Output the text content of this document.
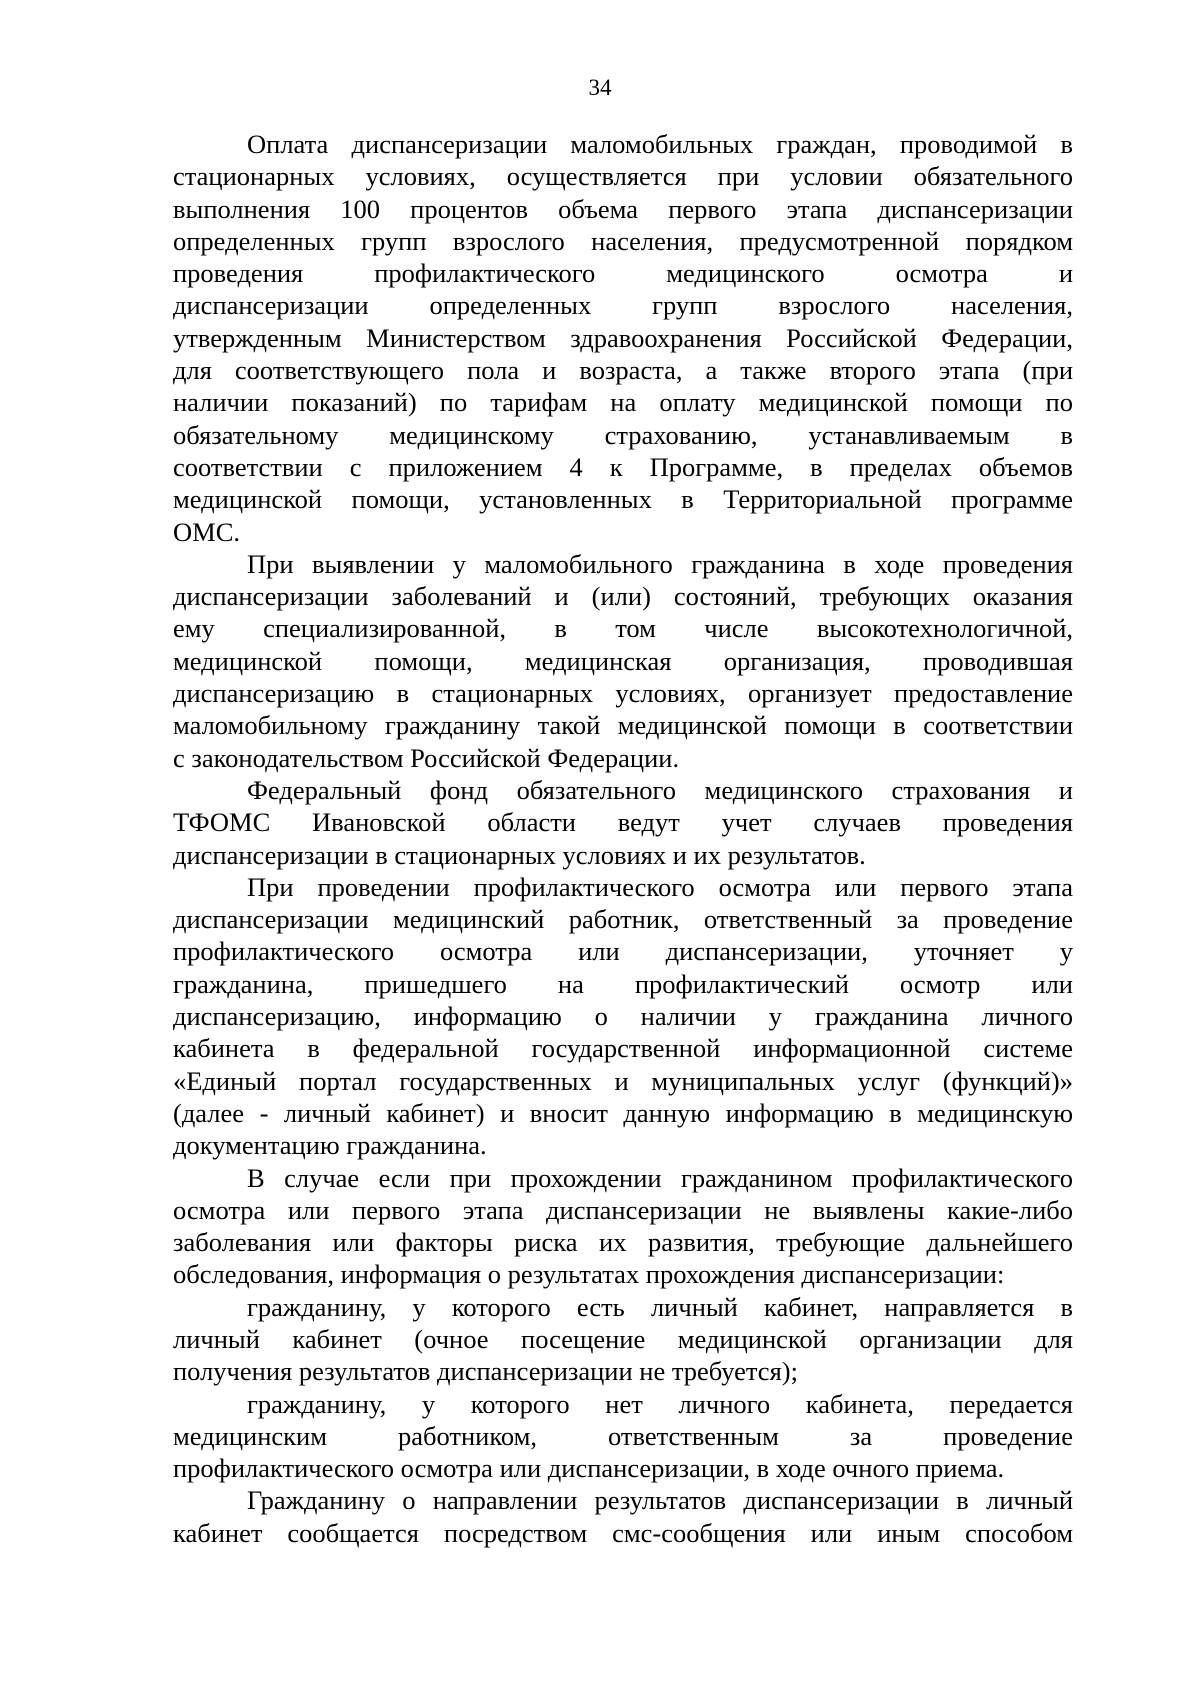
34
Оплата диспансеризации маломобильных граждан, проводимой в
стационарных условиях, осуществляется при условии обязательного
выполнения 100 процентов объема первого этапа диспансеризации
определенных групп взрослого населения, предусмотренной порядком
проведения профилактического медицинского осмотра и
диспансеризации определенных групп взрослого населения,
утвержденным Министерством здравоохранения Российской Федерации,
для соответствующего пола и возраста, а также второго этапа (при
наличии показаний) по тарифам на оплату медицинской помощи по
обязательному медицинскому страхованию, устанавливаемым в
соответствии с приложением 4 к Программе, в пределах объемов
медицинской помощи, установленных в Территориальной программе
ОМС.
При выявлении у маломобильного гражданина в ходе проведения
диспансеризации заболеваний и (или) состояний, требующих оказания
ему специализированной, в том числе высокотехнологичной,
медицинской помощи, медицинская организация, проводившая
диспансеризацию в стационарных условиях, организует предоставление
маломобильному гражданину такой медицинской помощи в соответствии
с законодательством Российской Федерации.
Федеральный фонд обязательного медицинского страхования и
ТФОМС Ивановской области ведут учет случаев проведения
диспансеризации в стационарных условиях и их результатов.
При проведении профилактического осмотра или первого этапа
диспансеризации медицинский работник, ответственный за проведение
профилактического осмотра или диспансеризации, уточняет у
гражданина, пришедшего на профилактический осмотр или
диспансеризацию, информацию о наличии у гражданина личного
кабинета в федеральной государственной информационной системе
«Единый портал государственных и муниципальных услуг (функций)»
(далее - личный кабинет) и вносит данную информацию в медицинскую
документацию гражданина.
В случае если при прохождении гражданином профилактического
осмотра или первого этапа диспансеризации не выявлены какие-либо
заболевания или факторы риска их развития, требующие дальнейшего
обследования, информация о результатах прохождения диспансеризации:
гражданину, у которого есть личный кабинет, направляется в
личный кабинет (очное посещение медицинской организации для
получения результатов диспансеризации не требуется);
гражданину, у которого нет личного кабинета, передается
медицинским работником, ответственным за проведение
профилактического осмотра или диспансеризации, в ходе очного приема.
Гражданину о направлении результатов диспансеризации в личный
кабинет сообщается посредством смс-сообщения или иным способом
